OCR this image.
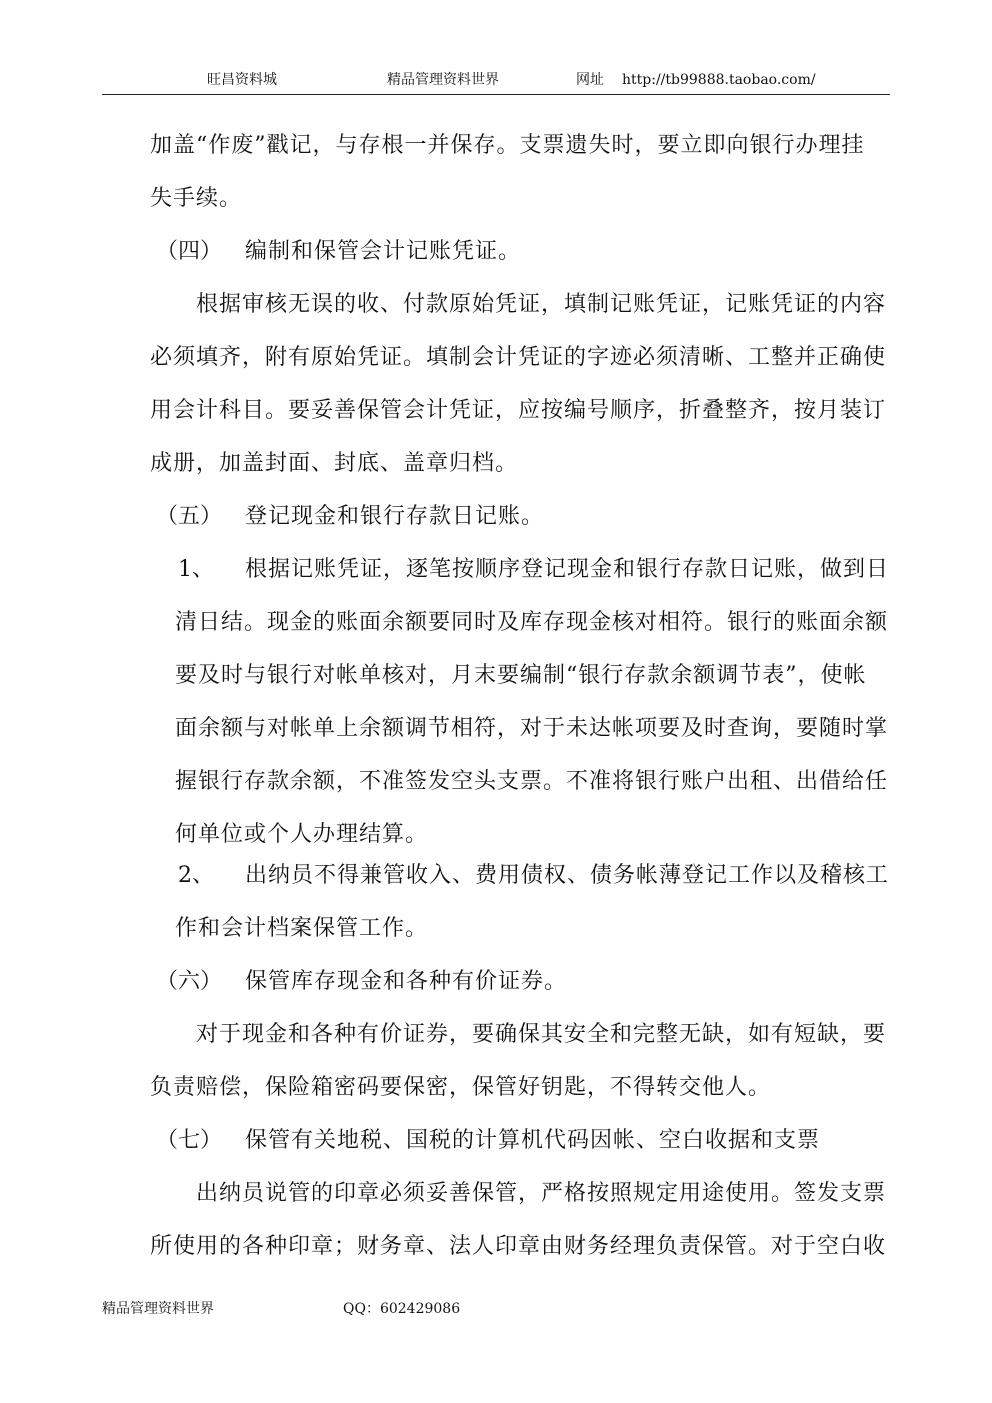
旺昌资料城	精品管理资料世界	网址 http://tb99888.taobao.com/
加盖“作废”戳记，与存根一并保存。支票遗失时，要立即向银行办理挂
失手续。
（四） 编制和保管会计记账凭证。
根据审核无误的收、付款原始凭证，填制记账凭证，记账凭证的内容
必须填齐，附有原始凭证。填制会计凭证的字迹必须清晰、工整并正确使
用会计科目。要妥善保管会计凭证，应按编号顺序，折叠整齐，按月装订
成册，加盖封面、封底、盖章归档。
（五） 登记现金和银行存款日记账。
1、 根据记账凭证，逐笔按顺序登记现金和银行存款日记账，做到日
清日结。现金的账面余额要同时及库存现金核对相符。银行的账面余额
要及时与银行对帐单核对，月末要编制“银行存款余额调节表”，使帐
面余额与对帐单上余额调节相符，对于未达帐项要及时查询，要随时掌
握银行存款余额，不准签发空头支票。不准将银行账户出租、出借给任
何单位或个人办理结算。
2、 出纳员不得兼管收入、费用债权、债务帐薄登记工作以及稽核工
作和会计档案保管工作。
（六） 保管库存现金和各种有价证券。
对于现金和各种有价证券，要确保其安全和完整无缺，如有短缺，要
负责赔偿，保险箱密码要保密，保管好钥匙，不得转交他人。
（七） 保管有关地税、国税的计算机代码因帐、空白收据和支票
出纳员说管的印章必须妥善保管，严格按照规定用途使用。签发支票
所使用的各种印章；财务章、法人印章由财务经理负责保管。对于空白收
精品管理资料世界	QQ：602429086
